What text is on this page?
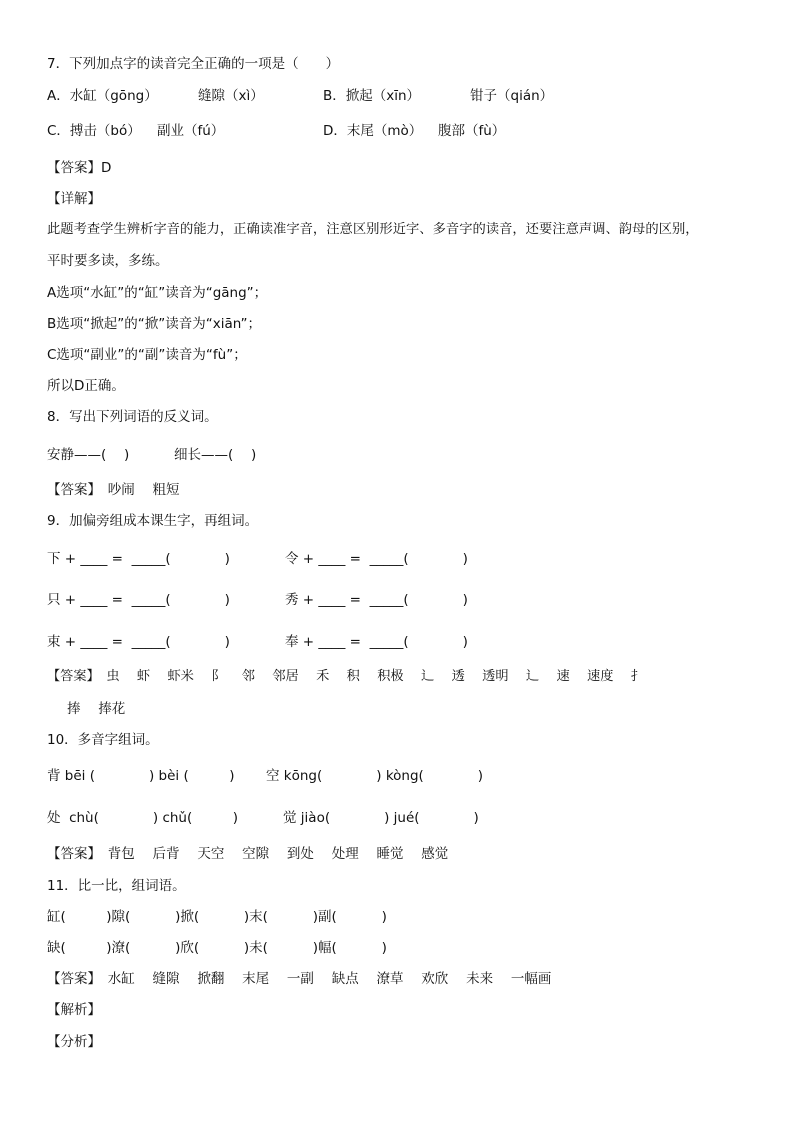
7．下列加点字的读音完全正确的一项是（　　）
A．水缸（gōng）	缝隙（xì）	B．掀起（xīn）	钳子（qián）
C．搏击（bó） 副业（fú）	D．末尾（mò） 腹部（fù）
【答案】D
【详解】
此题考查学生辨析字音的能力，正确读准字音，注意区别形近字、多音字的读音，还要注意声调、韵母的区别，
平时要多读，多练。
A选项“水缸”的“缸”读音为“gāng”；
B选项“掀起”的“掀”读音为“xiān”；
C选项“副业”的“副”读音为“fù”；
所以D正确。
8．写出下列词语的反义词。
安静——(　 )	细长——(　 )
【答案】　吵闹　 粗短
9．加偏旁组成本课生字，再组词。
下 + ____ =  _____(　　　　)	令 + ____ =  _____(　　　　)
只 + ____ =  _____(　　　　)	秀 + ____ =  _____(　　　　)
束 + ____ =  _____(　　　　)	奉 + ____ =  _____(　　　　)
【答案】　虫　 虾　 虾米　 阝　 邻　 邻居　 禾　 积　 积极　 辶　 透　 透明　 辶　 速　 速度　 扌
捧　 捧花
10．多音字组词。
背 bēi (　　　　) bèi (　　　) 空 kōng(　　　　) kòng(　　　　)
处  chù(　　　　) chǔ(　　　)	觉 jiào(　　　　) jué(　　　　)
【答案】　背包　 后背　 天空　 空隙　 到处　 处理　 睡觉　 感觉
11．比一比，组词语。
缸(　　　)隙(　　　 )掀(　　　 )末(　　　 )副(　　　 )
缺(　　　)潦(　　　 )欣(　　　 )未(　　　 )幅(　　　 )
【答案】　水缸　 缝隙　 掀翻　 末尾　 一副　 缺点　 潦草　 欢欣　 未来　 一幅画
【解析】
【分析】
